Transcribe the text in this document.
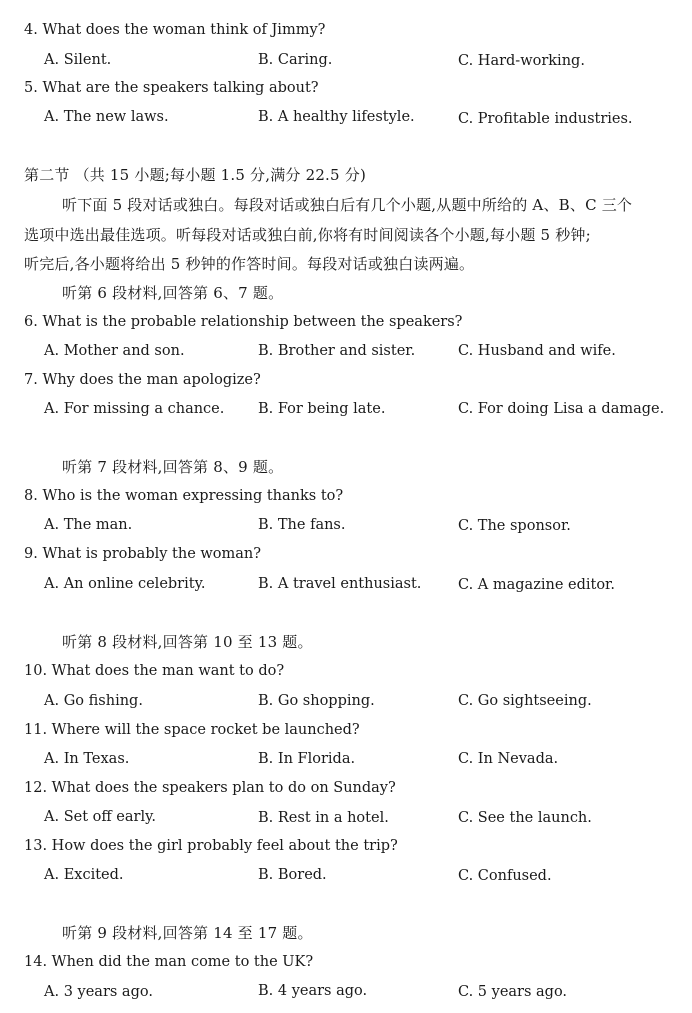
4. What does the woman think of Jimmy?
A. Silent.	B. Caring.	C. Hard-working.
5. What are the speakers talking about?
A. The new laws.	B. A healthy lifestyle.	C. Profitable industries.
第二节 （共 15 小题;每小题 1.5 分,满分 22.5 分)
听下面 5 段对话或独白。每段对话或独白后有几个小题,从题中所给的 A、B、C 三个
选项中选出最佳选项。听每段对话或独白前,你将有时间阅读各个小题,每小题 5 秒钟;
听完后,各小题将给出 5 秒钟的作答时间。每段对话或独白读两遍。
听第 6 段材料,回答第 6、7 题。
6. What is the probable relationship between the speakers?
A. Mother and son.	B. Brother and sister.	C. Husband and wife.
7. Why does the man apologize?
A. For missing a chance. B. For being late.	C. For doing Lisa a damage.
听第 7 段材料,回答第 8、9 题。
8. Who is the woman expressing thanks to?
A. The man.	B. The fans.	C. The sponsor.
9. What is probably the woman?
A. An online celebrity.	B. A travel enthusiast.	C. A magazine editor.
听第 8 段材料,回答第 10 至 13 题。
10. What does the man want to do?
A. Go fishing.	B. Go shopping.	C. Go sightseeing.
11. Where will the space rocket be launched?
A. In Texas.	B. In Florida.	C. In Nevada.
12. What does the speakers plan to do on Sunday?
A. Set off early.	B. Rest in a hotel.	C. See the launch.
13. How does the girl probably feel about the trip?
A. Excited.	B. Bored.	C. Confused.
听第 9 段材料,回答第 14 至 17 题。
14. When did the man come to the UK?
A. 3 years ago.	B. 4 years ago.	C. 5 years ago.
